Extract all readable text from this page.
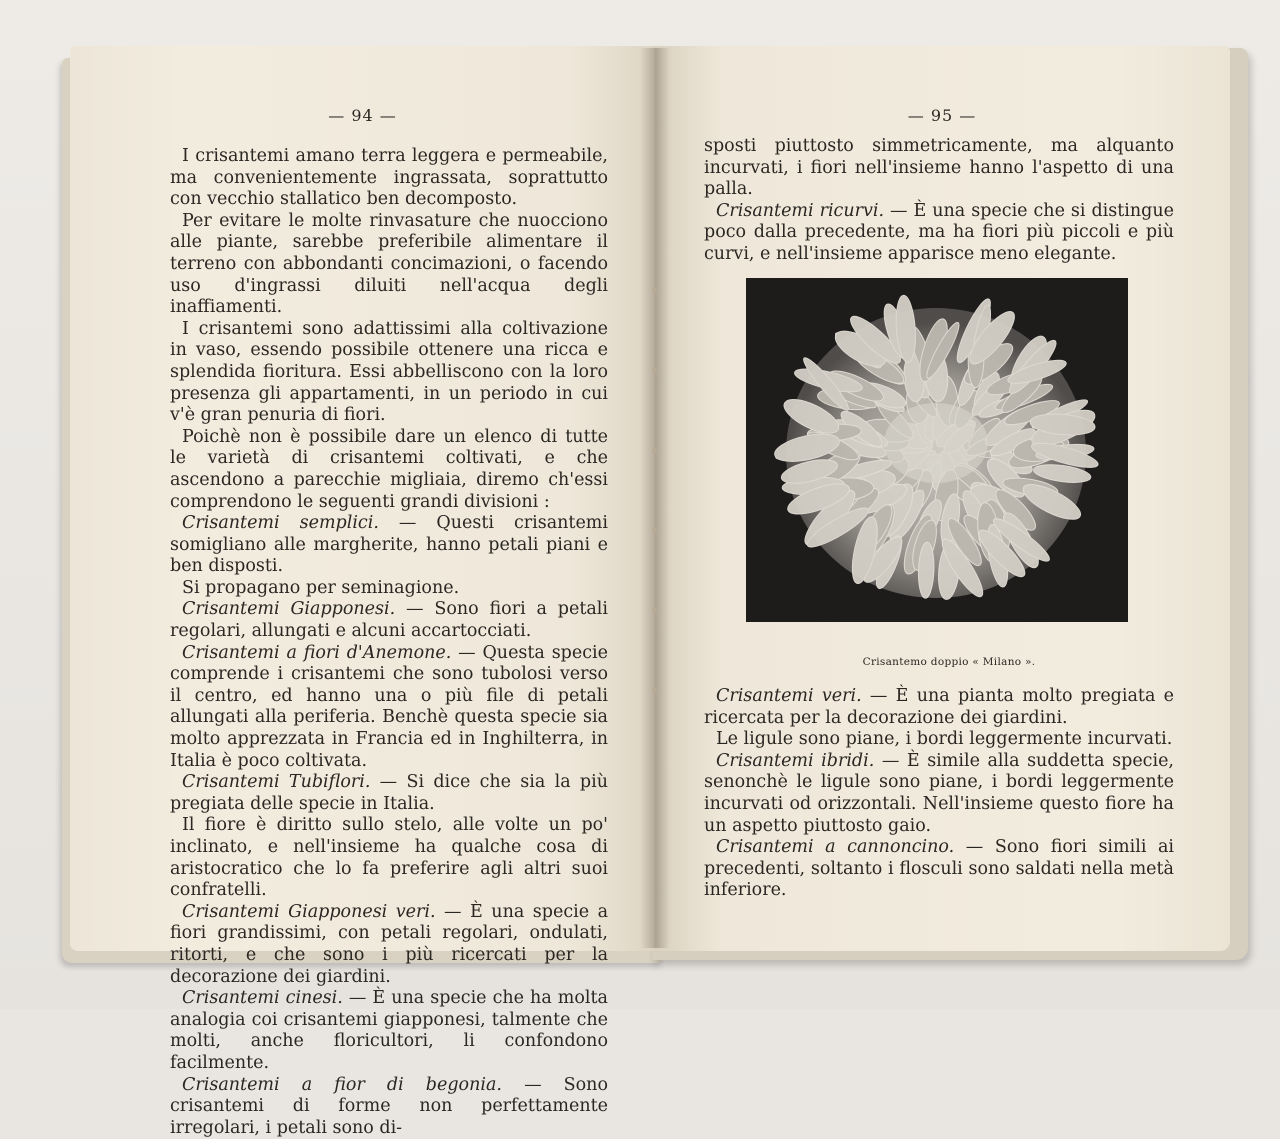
— 94 —

I crisantemi amano terra leggera e permeabile, ma convenientemente ingrassata, soprattutto con vecchio stallatico ben decomposto.

Per evitare le molte rinvasature che nuocciono alle piante, sarebbe preferibile alimentare il terreno con abbondanti concimazioni, o facendo uso d'ingrassi diluiti nell'acqua degli inaffiamenti.

I crisantemi sono adattissimi alla coltivazione in vaso, essendo possibile ottenere una ricca e splendida fioritura. Essi abbelliscono con la loro presenza gli appartamenti, in un periodo in cui v'è gran penuria di fiori.

Poichè non è possibile dare un elenco di tutte le varietà di crisantemi coltivati, e che ascendono a parecchie migliaia, diremo ch'essi comprendono le seguenti grandi divisioni :

Crisantemi semplici. — Questi crisantemi somigliano alle margherite, hanno petali piani e ben disposti.

Si propagano per seminagione.

Crisantemi Giapponesi. — Sono fiori a petali regolari, allungati e alcuni accartocciati.

Crisantemi a fiori d'Anemone. — Questa specie comprende i crisantemi che sono tubolosi verso il centro, ed hanno una o più file di petali allungati alla periferia. Benchè questa specie sia molto apprezzata in Francia ed in Inghilterra, in Italia è poco coltivata.

Crisantemi Tubiflori. — Si dice che sia la più pregiata delle specie in Italia.

Il fiore è diritto sullo stelo, alle volte un po' inclinato, e nell'insieme ha qualche cosa di aristocratico che lo fa preferire agli altri suoi confratelli.

Crisantemi Giapponesi veri. — È una specie a fiori grandissimi, con petali regolari, ondulati, ritorti, e che sono i più ricercati per la decorazione dei giardini.

Crisantemi cinesi. — È una specie che ha molta analogia coi crisantemi giapponesi, talmente che molti, anche floricultori, li confondono facilmente.

Crisantemi a fior di begonia. — Sono crisantemi di forme non perfettamente irregolari, i petali sono di-

— 95 —

sposti piuttosto simmetricamente, ma alquanto incurvati, i fiori nell'insieme hanno l'aspetto di una palla.

Crisantemi ricurvi. — È una specie che si distingue poco dalla precedente, ma ha fiori più piccoli e più curvi, e nell'insieme apparisce meno elegante.

Crisantemo doppio « Milano ».

Crisantemi veri. — È una pianta molto pregiata e ricercata per la decorazione dei giardini.

Le ligule sono piane, i bordi leggermente incurvati.

Crisantemi ibridi. — È simile alla suddetta specie, senonchè le ligule sono piane, i bordi leggermente incurvati od orizzontali. Nell'insieme questo fiore ha un aspetto piuttosto gaio.

Crisantemi a cannoncino. — Sono fiori simili ai precedenti, soltanto i flosculi sono saldati nella metà inferiore.
